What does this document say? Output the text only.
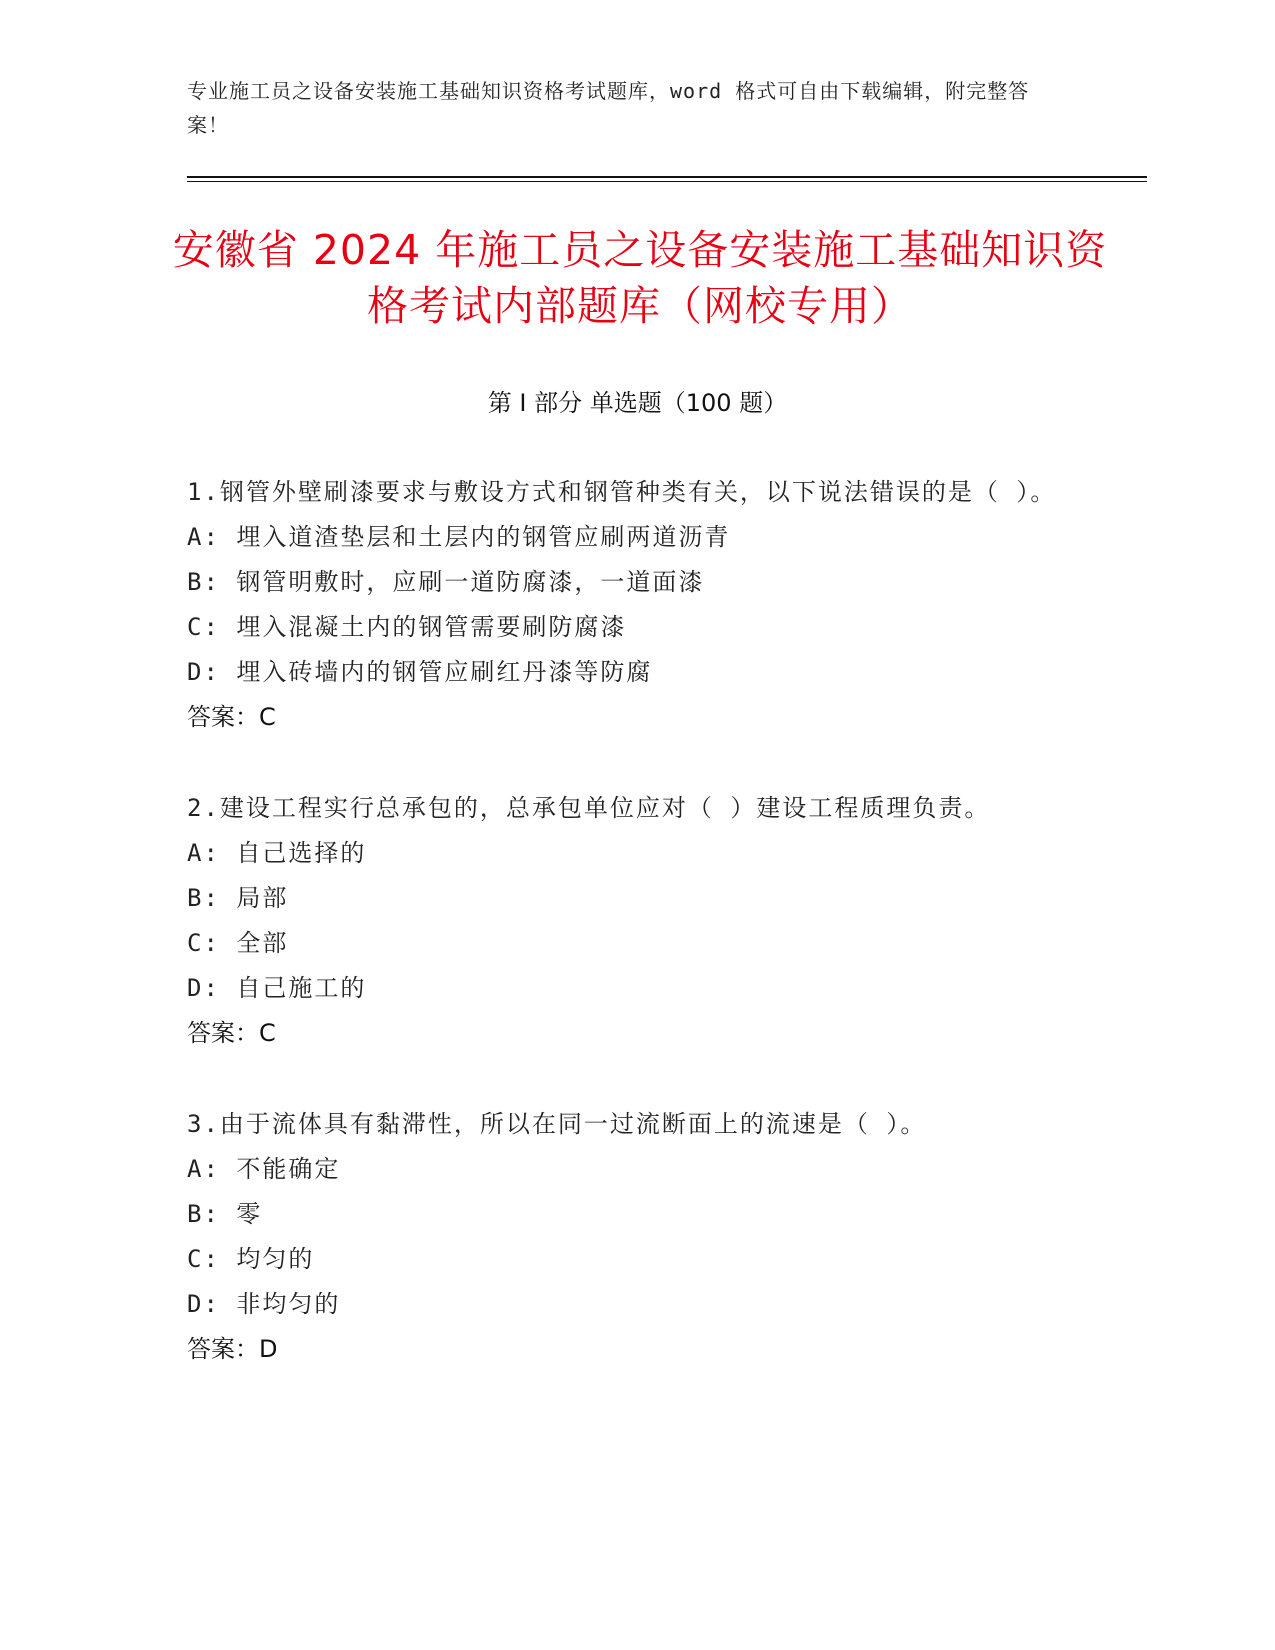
专业施工员之设备安装施工基础知识资格考试题库，word 格式可自由下载编辑，附完整答案！
安徽省 2024 年施工员之设备安装施工基础知识资格考试内部题库（网校专用）
第 I 部分 单选题（100 题）
1.钢管外壁刷漆要求与敷设方式和钢管种类有关，以下说法错误的是（ ）。
A: 埋入道渣垫层和土层内的钢管应刷两道沥青
B: 钢管明敷时，应刷一道防腐漆，一道面漆
C: 埋入混凝土内的钢管需要刷防腐漆
D: 埋入砖墙内的钢管应刷红丹漆等防腐
答案：C
2.建设工程实行总承包的，总承包单位应对（ ）建设工程质理负责。
A: 自己选择的
B: 局部
C: 全部
D: 自己施工的
答案：C
3.由于流体具有黏滞性，所以在同一过流断面上的流速是（ ）。
A: 不能确定
B: 零
C: 均匀的
D: 非均匀的
答案：D
